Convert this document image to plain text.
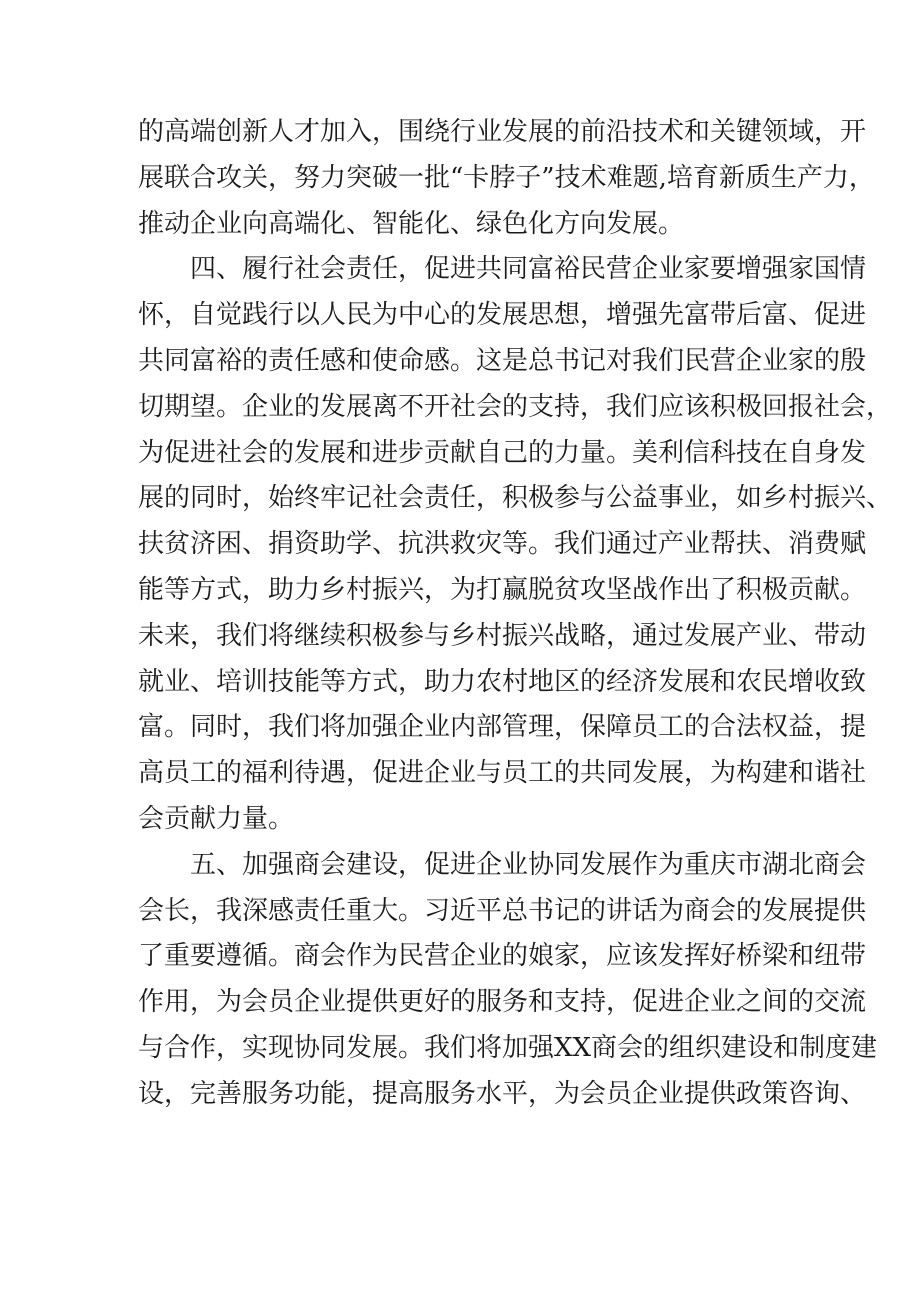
的高端创新人才加入，围绕行业发展的前沿技术和关键领域，开
展联合攻关，努力突破一批“卡脖子”技术难题,培育新质生产力，
推动企业向高端化、智能化、绿色化方向发展。
四、履行社会责任，促进共同富裕民营企业家要增强家国情
怀，自觉践行以人民为中心的发展思想，增强先富带后富、促进
共同富裕的责任感和使命感。这是总书记对我们民营企业家的殷
切期望。企业的发展离不开社会的支持，我们应该积极回报社会，
为促进社会的发展和进步贡献自己的力量。美利信科技在自身发
展的同时，始终牢记社会责任，积极参与公益事业，如乡村振兴、
扶贫济困、捐资助学、抗洪救灾等。我们通过产业帮扶、消费赋
能等方式，助力乡村振兴，为打赢脱贫攻坚战作出了积极贡献。
未来，我们将继续积极参与乡村振兴战略，通过发展产业、带动
就业、培训技能等方式，助力农村地区的经济发展和农民增收致
富。同时，我们将加强企业内部管理，保障员工的合法权益，提
高员工的福利待遇，促进企业与员工的共同发展，为构建和谐社
会贡献力量。
五、加强商会建设，促进企业协同发展作为重庆市湖北商会
会长，我深感责任重大。习近平总书记的讲话为商会的发展提供
了重要遵循。商会作为民营企业的娘家，应该发挥好桥梁和纽带
作用，为会员企业提供更好的服务和支持，促进企业之间的交流
与合作，实现协同发展。我们将加强XX商会的组织建设和制度建
设，完善服务功能，提高服务水平，为会员企业提供政策咨询、
